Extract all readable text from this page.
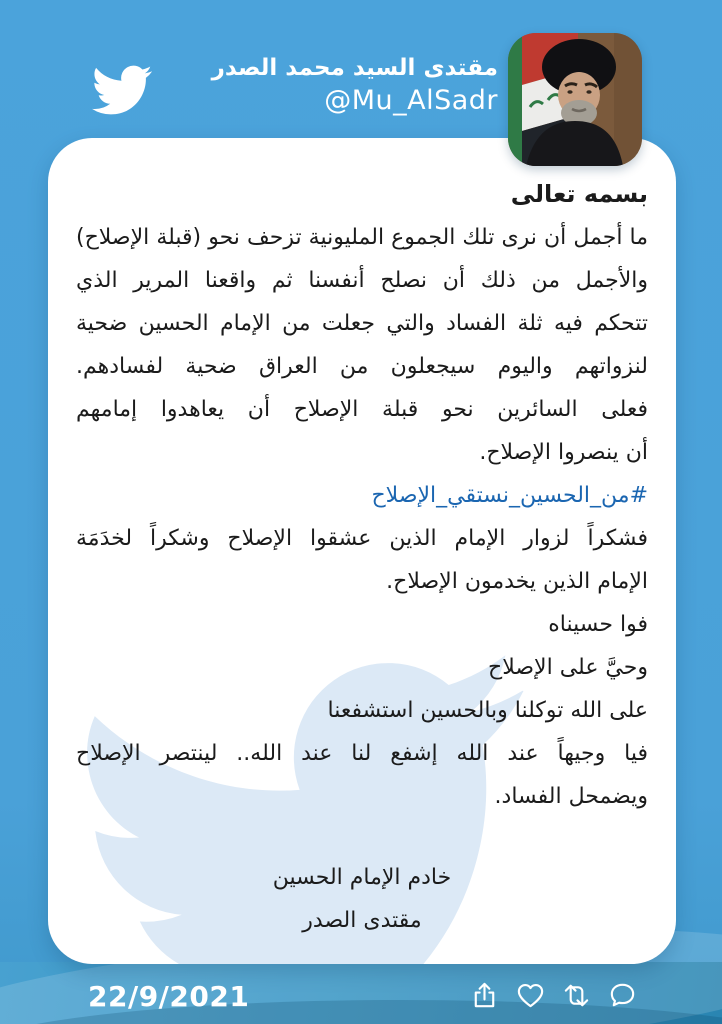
مقتدى السيد محمد الصدر
@Mu_AlSadr
بسمه تعالى
ما أجمل أن نرى تلك الجموع المليونية تزحف نحو (قبلة الإصلاح)
والأجمل من ذلك أن نصلح أنفسنا ثم واقعنا المرير الذي
تتحكم فيه ثلة الفساد والتي جعلت من الإمام الحسين ضحية
لنزواتهم واليوم سيجعلون من العراق ضحية لفسادهم.
فعلى السائرين نحو قبلة الإصلاح أن يعاهدوا إمامهم
أن ينصروا الإصلاح.
#من_الحسين_نستقي_الإصلاح
فشكراً لزوار الإمام الذين عشقوا الإصلاح وشكراً لخدَمَة
الإمام الذين يخدمون الإصلاح.
فوا حسيناه
وحيَّ على الإصلاح
على الله توكلنا وبالحسين استشفعنا
فيا وجيهاً عند الله إشفع لنا عند الله.. لينتصر الإصلاح
ويضمحل الفساد.
خادم الإمام الحسين
مقتدى الصدر
22/9/2021
